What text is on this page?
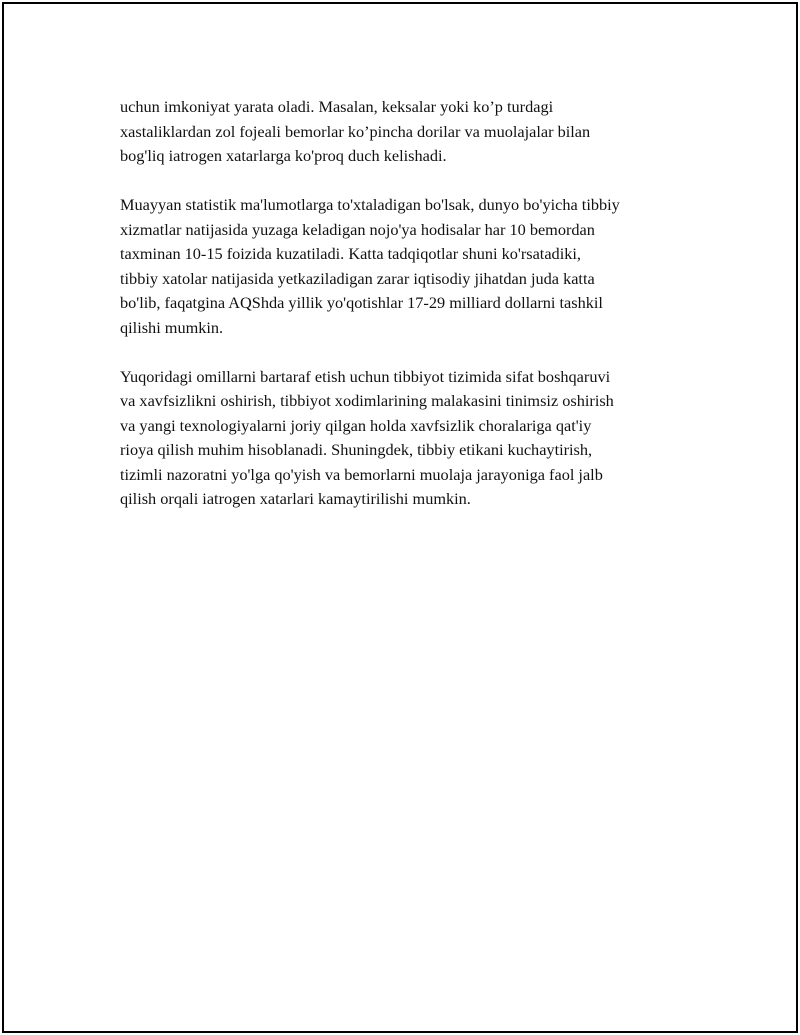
uchun imkoniyat yarata oladi. Masalan, keksalar yoki ko’p turdagi
xastaliklardan zol fojeali bemorlar ko’pincha dorilar va muolajalar bilan
bog'liq iatrogen xatarlarga ko'proq duch kelishadi.

Muayyan statistik ma'lumotlarga to'xtaladigan bo'lsak, dunyo bo'yicha tibbiy
xizmatlar natijasida yuzaga keladigan nojo'ya hodisalar har 10 bemordan
taxminan 10-15 foizida kuzatiladi. Katta tadqiqotlar shuni ko'rsatadiki,
tibbiy xatolar natijasida yetkaziladigan zarar iqtisodiy jihatdan juda katta
bo'lib, faqatgina AQShda yillik yo'qotishlar 17-29 milliard dollarni tashkil
qilishi mumkin.

Yuqoridagi omillarni bartaraf etish uchun tibbiyot tizimida sifat boshqaruvi
va xavfsizlikni oshirish, tibbiyot xodimlarining malakasini tinimsiz oshirish
va yangi texnologiyalarni joriy qilgan holda xavfsizlik choralariga qat'iy
rioya qilish muhim hisoblanadi. Shuningdek, tibbiy etikani kuchaytirish,
tizimli nazoratni yo'lga qo'yish va bemorlarni muolaja jarayoniga faol jalb
qilish orqali iatrogen xatarlari kamaytirilishi mumkin.
